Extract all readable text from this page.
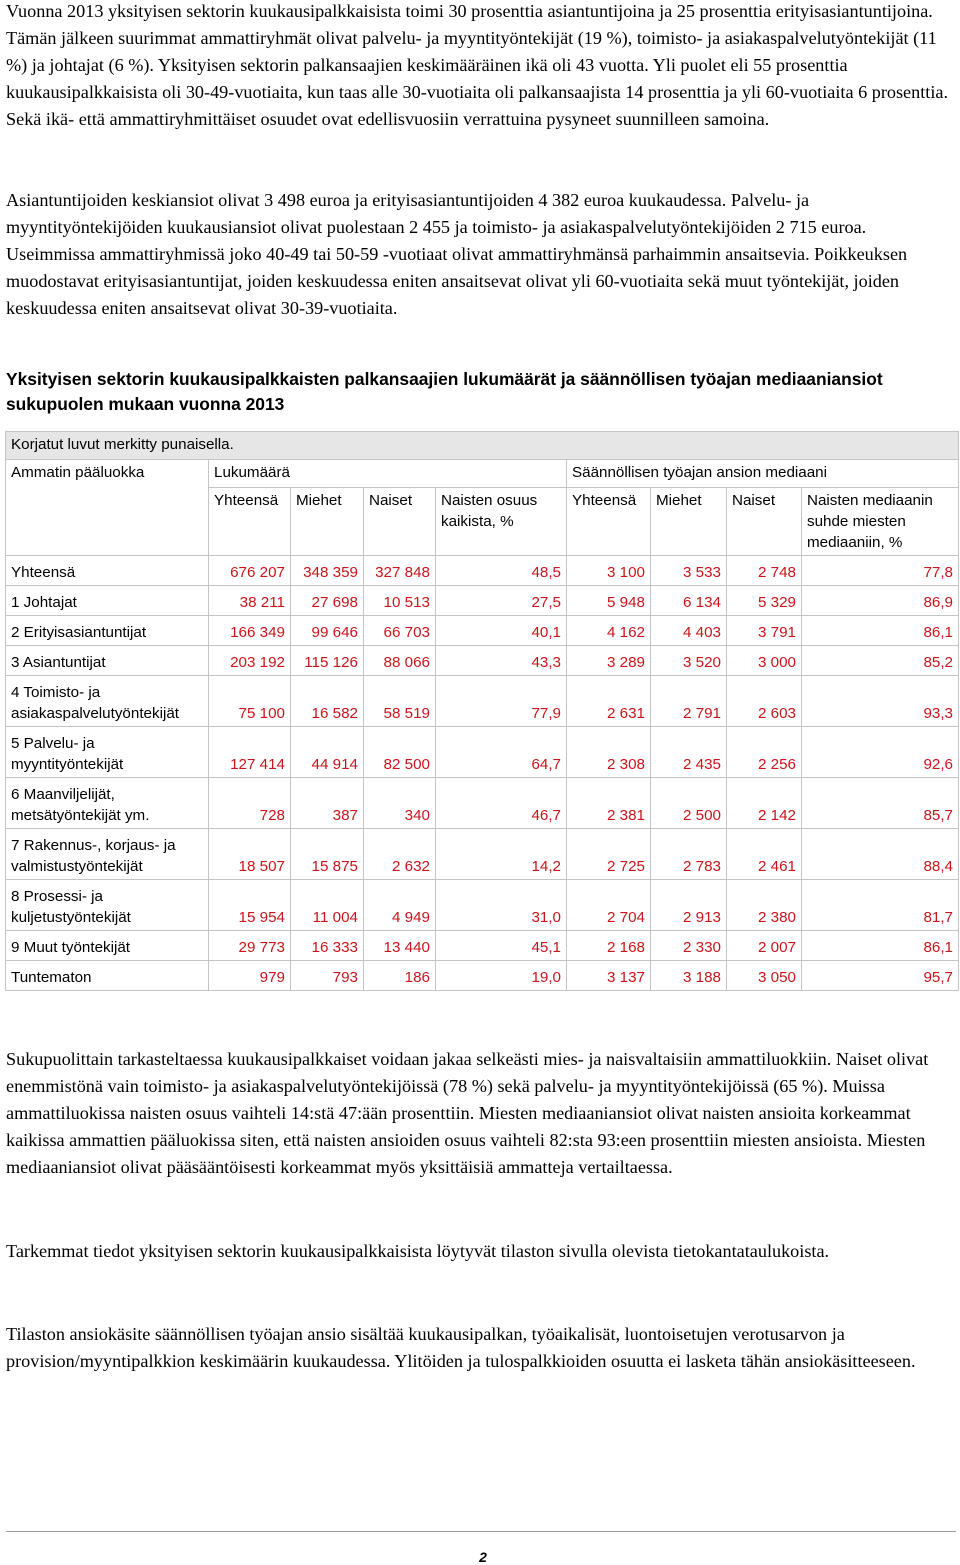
Vuonna 2013 yksityisen sektorin kuukausipalkkaisista toimi 30 prosenttia asiantuntijoina ja 25 prosenttia erityisasiantuntijoina. Tämän jälkeen suurimmat ammattiryhmät olivat palvelu- ja myyntityöntekijät (19 %), toimisto- ja asiakaspalvelutyöntekijät (11 %) ja johtajat (6 %). Yksityisen sektorin palkansaajien keskimääräinen ikä oli 43 vuotta. Yli puolet eli 55 prosenttia kuukausipalkkaisista oli 30-49-vuotiaita, kun taas alle 30-vuotiaita oli palkansaajista 14 prosenttia ja yli 60-vuotiaita 6 prosenttia. Sekä ikä- että ammattiryhmittäiset osuudet ovat edellisvuosiin verrattuina pysyneet suunnilleen samoina.

Asiantuntijoiden keskiansiot olivat 3 498 euroa ja erityisasiantuntijoiden 4 382 euroa kuukaudessa. Palvelu- ja myyntityöntekijöiden kuukausiansiot olivat puolestaan 2 455 ja toimisto- ja asiakaspalvelutyöntekijöiden 2 715 euroa. Useimmissa ammattiryhmissä joko 40-49 tai 50-59 -vuotiaat olivat ammattiryhmänsä parhaimmin ansaitsevia. Poikkeuksen muodostavat erityisasiantuntijat, joiden keskuudessa eniten ansaitsevat olivat yli 60-vuotiaita sekä muut työntekijät, joiden keskuudessa eniten ansaitsevat olivat 30-39-vuotiaita.

Yksityisen sektorin kuukausipalkkaisten palkansaajien lukumäärät ja säännöllisen työajan mediaaniansiot sukupuolen mukaan vuonna 2013
Korjatut luvut merkitty punaisella.								
Ammatin pääluokka	Lukumäärä				Säännöllisen työajan ansion mediaani			
	Yhteensä	Miehet	Naiset	Naisten osuus kaikista, %	Yhteensä	Miehet	Naiset	Naisten mediaanin suhde miesten mediaaniin, %
Yhteensä	676 207	348 359	327 848	48,5	3 100	3 533	2 748	77,8
1 Johtajat	38 211	27 698	10 513	27,5	5 948	6 134	5 329	86,9
2 Erityisasiantuntijat	166 349	99 646	66 703	40,1	4 162	4 403	3 791	86,1
3 Asiantuntijat	203 192	115 126	88 066	43,3	3 289	3 520	3 000	85,2
4 Toimisto- ja asiakaspalvelutyöntekijät	75 100	16 582	58 519	77,9	2 631	2 791	2 603	93,3
5 Palvelu- ja myyntityöntekijät	127 414	44 914	82 500	64,7	2 308	2 435	2 256	92,6
6 Maanviljelijät, metsätyöntekijät ym.	728	387	340	46,7	2 381	2 500	2 142	85,7
7 Rakennus-, korjaus- ja valmistustyöntekijät	18 507	15 875	2 632	14,2	2 725	2 783	2 461	88,4
8 Prosessi- ja kuljetustyöntekijät	15 954	11 004	4 949	31,0	2 704	2 913	2 380	81,7
9 Muut työntekijät	29 773	16 333	13 440	45,1	2 168	2 330	2 007	86,1
Tuntematon	979	793	186	19,0	3 137	3 188	3 050	95,7

Sukupuolittain tarkasteltaessa kuukausipalkkaiset voidaan jakaa selkeästi mies- ja naisvaltaisiin ammattiluokkiin. Naiset olivat enemmistönä vain toimisto- ja asiakaspalvelutyöntekijöissä (78 %) sekä palvelu- ja myyntityöntekijöissä (65 %). Muissa ammattiluokissa naisten osuus vaihteli 14:stä 47:ään prosenttiin. Miesten mediaaniansiot olivat naisten ansioita korkeammat kaikissa ammattien pääluokissa siten, että naisten ansioiden osuus vaihteli 82:sta 93:een prosenttiin miesten ansioista. Miesten mediaaniansiot olivat pääsääntöisesti korkeammat myös yksittäisiä ammatteja vertailtaessa.

Tarkemmat tiedot yksityisen sektorin kuukausipalkkaisista löytyvät tilaston sivulla olevista tietokantataulukoista.

Tilaston ansiokäsite säännöllisen työajan ansio sisältää kuukausipalkan, työaikalisät, luontoisetujen verotusarvon ja provision/myyntipalkkion keskimäärin kuukaudessa. Ylitöiden ja tulospalkkioiden osuutta ei lasketa tähän ansiokäsitteeseen.

2
